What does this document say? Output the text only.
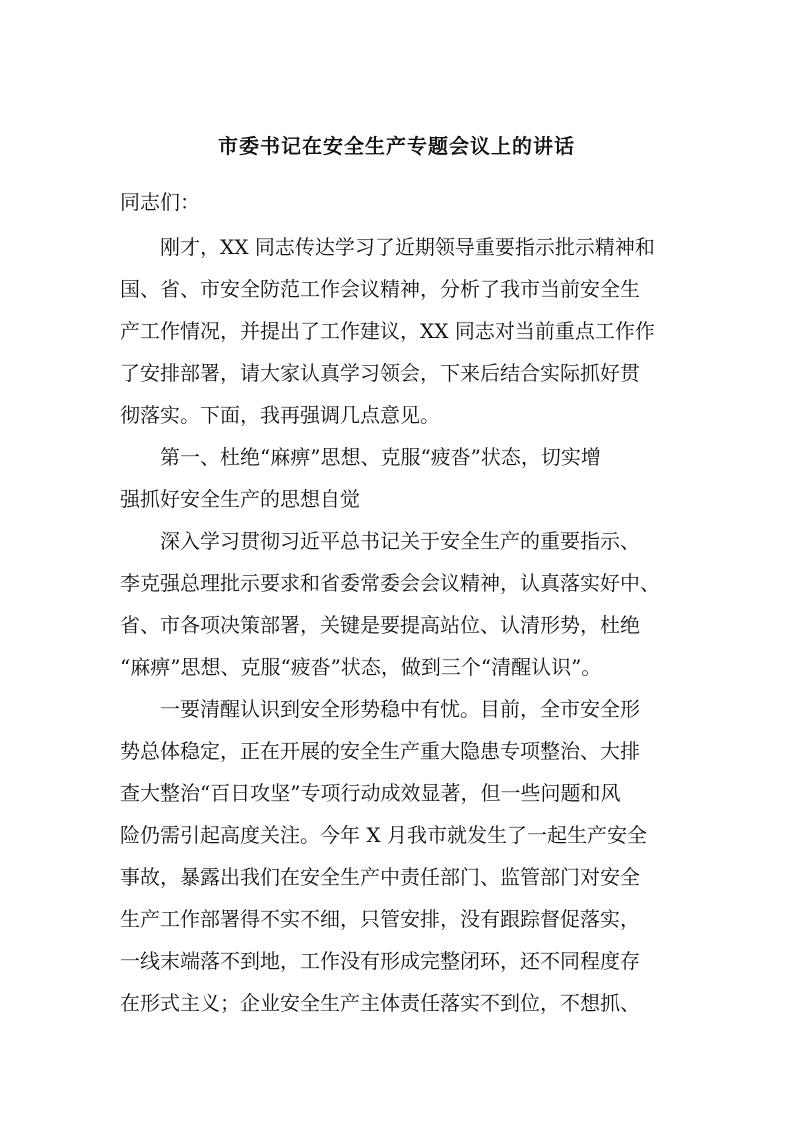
市委书记在安全生产专题会议上的讲话
同志们：
刚才，XX 同志传达学习了近期领导重要指示批示精神和
国、省、市安全防范工作会议精神，分析了我市当前安全生
产工作情况，并提出了工作建议，XX 同志对当前重点工作作
了安排部署，请大家认真学习领会，下来后结合实际抓好贯
彻落实。下面，我再强调几点意见。
第一、杜绝“麻痹”思想、克服“疲沓”状态，切实增
强抓好安全生产的思想自觉
深入学习贯彻习近平总书记关于安全生产的重要指示、
李克强总理批示要求和省委常委会会议精神，认真落实好中、
省、市各项决策部署，关键是要提高站位、认清形势，杜绝
“麻痹”思想、克服“疲沓”状态，做到三个“清醒认识”。
一要清醒认识到安全形势稳中有忧。目前，全市安全形
势总体稳定，正在开展的安全生产重大隐患专项整治、大排
查大整治“百日攻坚”专项行动成效显著，但一些问题和风
险仍需引起高度关注。今年 X 月我市就发生了一起生产安全
事故，暴露出我们在安全生产中责任部门、监管部门对安全
生产工作部署得不实不细，只管安排，没有跟踪督促落实，
一线末端落不到地，工作没有形成完整闭环，还不同程度存
在形式主义；企业安全生产主体责任落实不到位，不想抓、
